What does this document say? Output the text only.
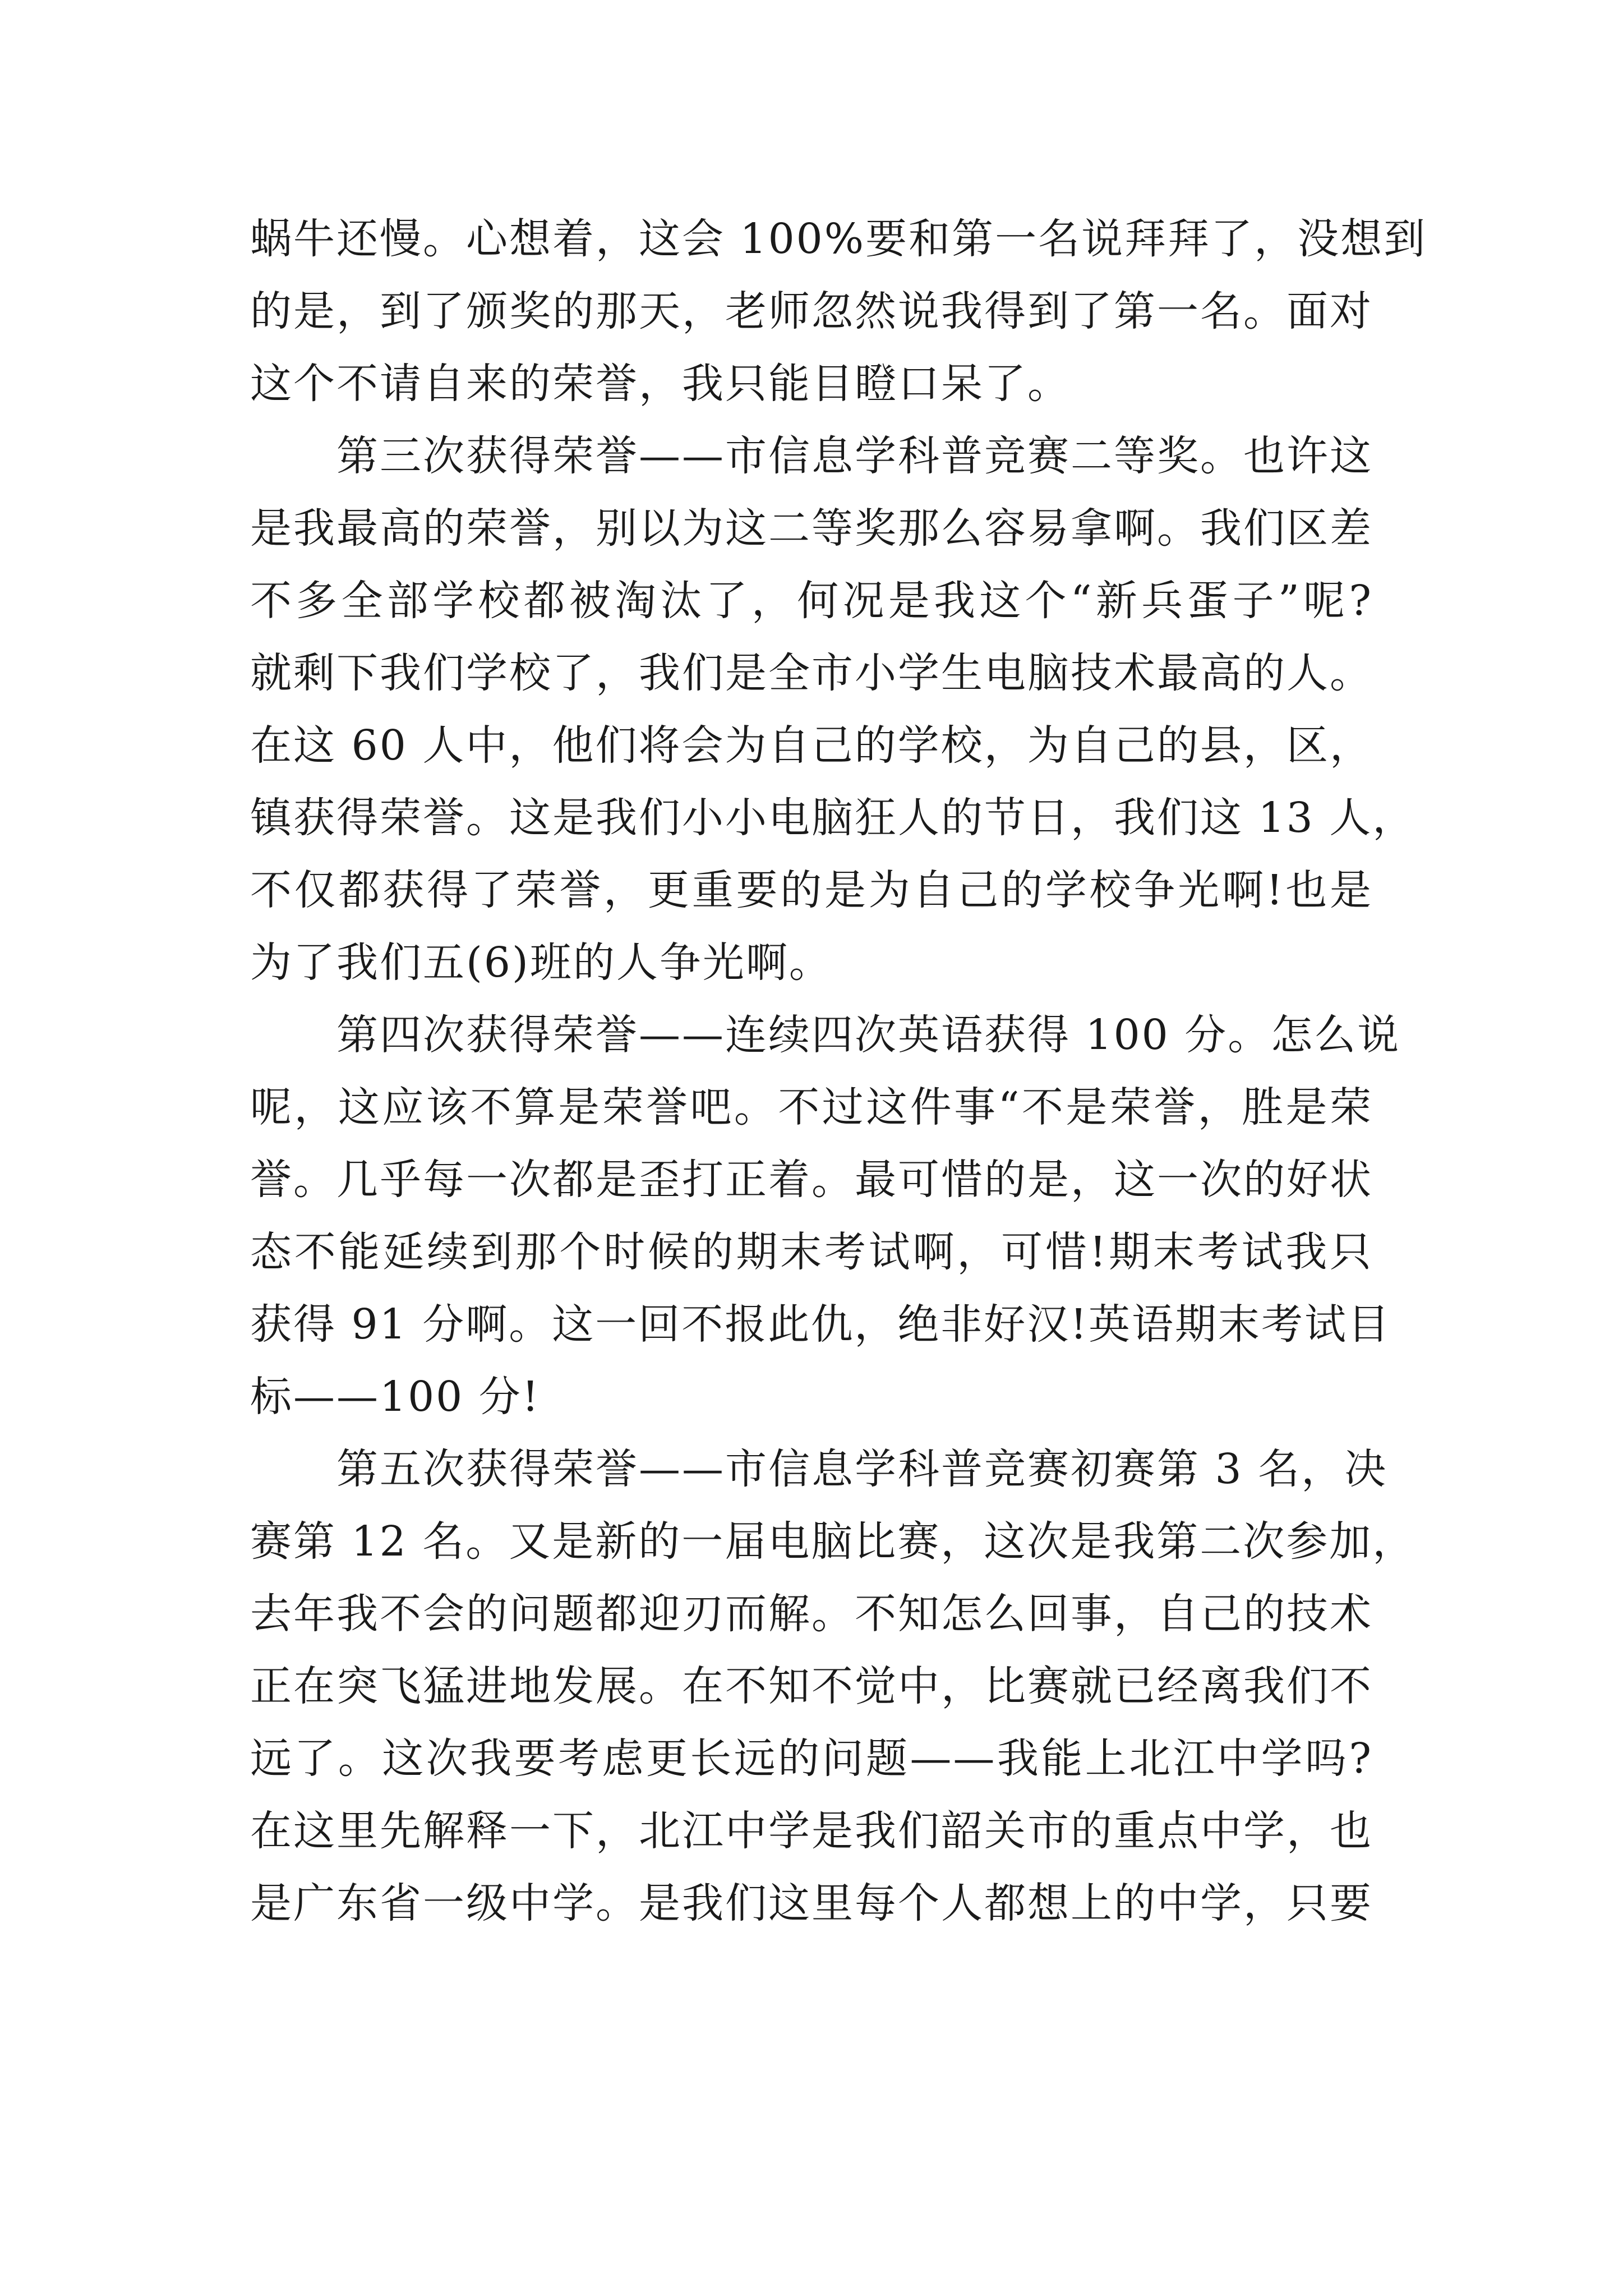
蜗牛还慢。心想着，这会 100%要和第一名说拜拜了，没想到
的是，到了颁奖的那天，老师忽然说我得到了第一名。面对
这个不请自来的荣誉，我只能目瞪口呆了。
第三次获得荣誉——市信息学科普竞赛二等奖。也许这
是我最高的荣誉，别以为这二等奖那么容易拿啊。我们区差
不多全部学校都被淘汰了，何况是我这个“新兵蛋子”呢?
就剩下我们学校了，我们是全市小学生电脑技术最高的人。
在这 60 人中，他们将会为自己的学校，为自己的县，区，
镇获得荣誉。这是我们小小电脑狂人的节日，我们这 13 人，
不仅都获得了荣誉，更重要的是为自己的学校争光啊!也是
为了我们五(6)班的人争光啊。
第四次获得荣誉——连续四次英语获得 100 分。怎么说
呢，这应该不算是荣誉吧。不过这件事“不是荣誉，胜是荣
誉。几乎每一次都是歪打正着。最可惜的是，这一次的好状
态不能延续到那个时候的期末考试啊，可惜!期末考试我只
获得 91 分啊。这一回不报此仇，绝非好汉!英语期末考试目
标——100 分!
第五次获得荣誉——市信息学科普竞赛初赛第 3 名，决
赛第 12 名。又是新的一届电脑比赛，这次是我第二次参加，
去年我不会的问题都迎刃而解。不知怎么回事，自己的技术
正在突飞猛进地发展。在不知不觉中，比赛就已经离我们不
远了。这次我要考虑更长远的问题——我能上北江中学吗?
在这里先解释一下，北江中学是我们韶关市的重点中学，也
是广东省一级中学。是我们这里每个人都想上的中学，只要
